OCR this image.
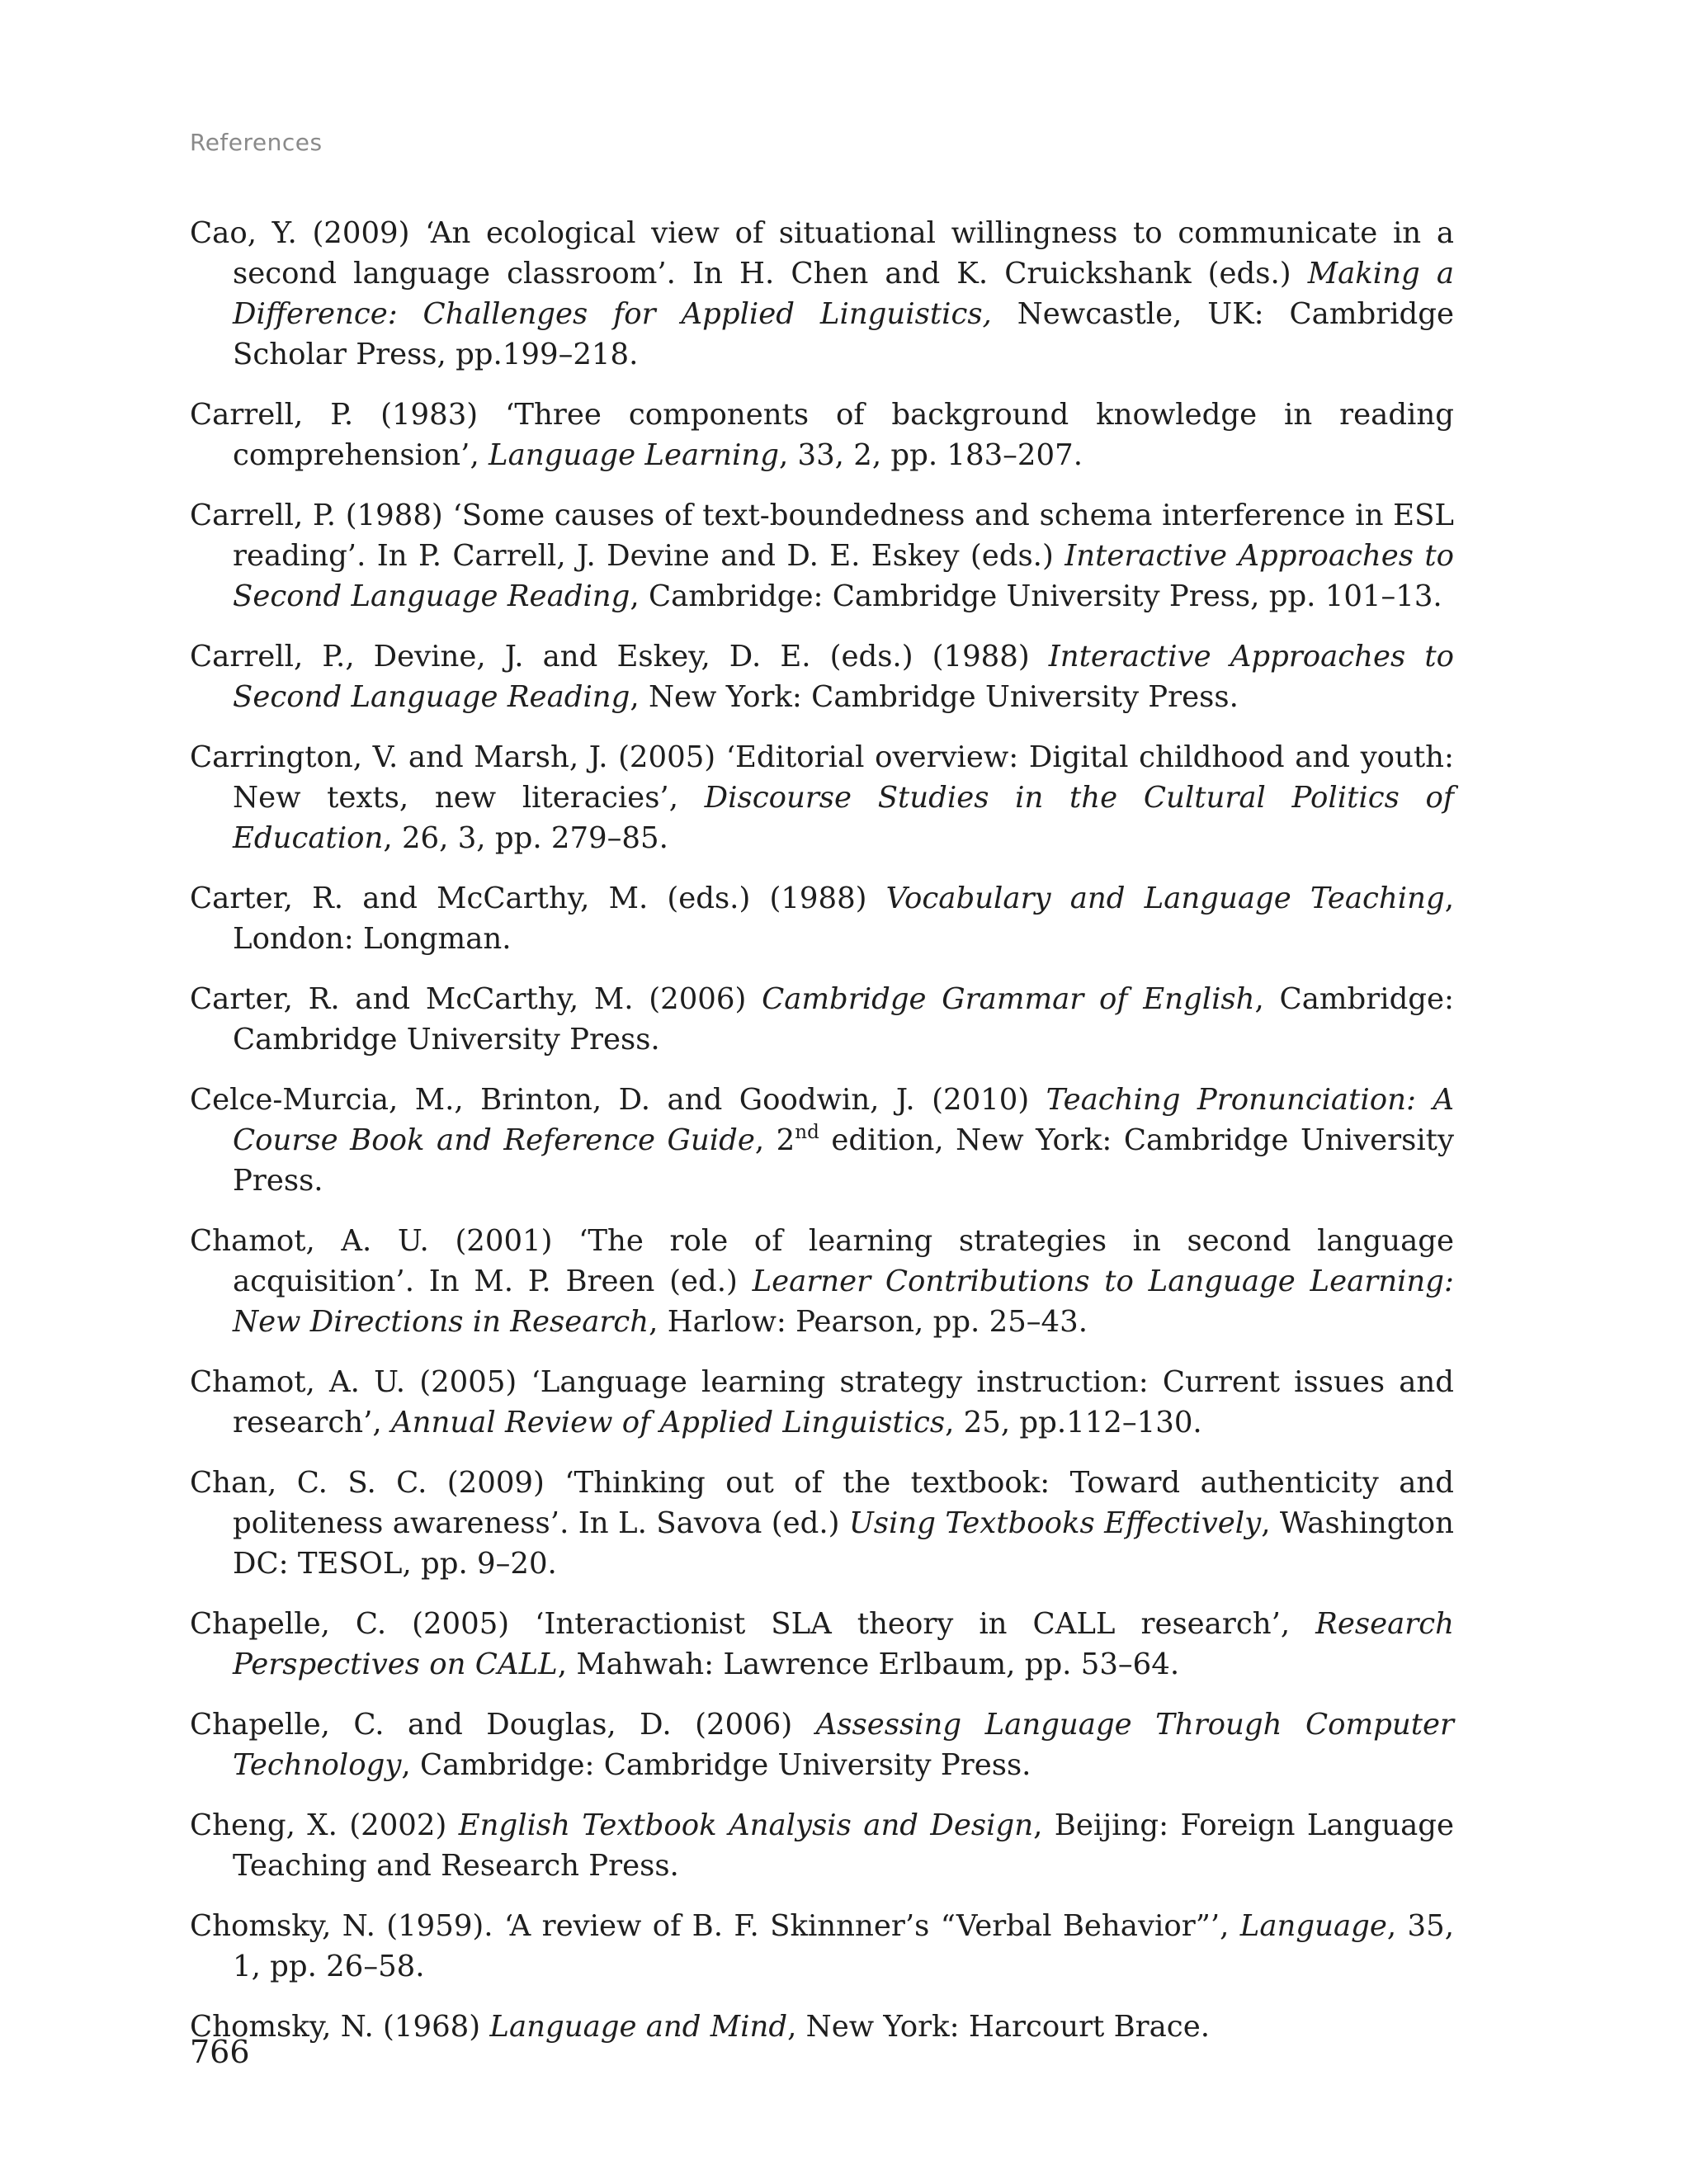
References
Cao, Y. (2009) ‘An ecological view of situational willingness to communicate in a second language classroom’. In H. Chen and K. Cruickshank (eds.) Making a Difference: Challenges for Applied Linguistics, Newcastle, UK: Cambridge Scholar Press, pp.199–218.
Carrell, P. (1983) ‘Three components of background knowledge in reading comprehension’, Language Learning, 33, 2, pp. 183–207.
Carrell, P. (1988) ‘Some causes of text-boundedness and schema interference in ESL reading’. In P. Carrell, J. Devine and D. E. Eskey (eds.) Interactive Approaches to Second Language Reading, Cambridge: Cambridge University Press, pp. 101–13.
Carrell, P., Devine, J. and Eskey, D. E. (eds.) (1988) Interactive Approaches to Second Language Reading, New York: Cambridge University Press.
Carrington, V. and Marsh, J. (2005) ‘Editorial overview: Digital childhood and youth: New texts, new literacies’, Discourse Studies in the Cultural Politics of Education, 26, 3, pp. 279–85.
Carter, R. and McCarthy, M. (eds.) (1988) Vocabulary and Language Teaching, London: Longman.
Carter, R. and McCarthy, M. (2006) Cambridge Grammar of English, Cambridge: Cambridge University Press.
Celce-Murcia, M., Brinton, D. and Goodwin, J. (2010) Teaching Pronunciation: A Course Book and Reference Guide, 2nd edition, New York: Cambridge University Press.
Chamot, A. U. (2001) ‘The role of learning strategies in second language acquisition’. In M. P. Breen (ed.) Learner Contributions to Language Learning: New Directions in Research, Harlow: Pearson, pp. 25–43.
Chamot, A. U. (2005) ‘Language learning strategy instruction: Current issues and research’, Annual Review of Applied Linguistics, 25, pp.112–130.
Chan, C. S. C. (2009) ‘Thinking out of the textbook: Toward authenticity and politeness awareness’. In L. Savova (ed.) Using Textbooks Effectively, Washington DC: TESOL, pp. 9–20.
Chapelle, C. (2005) ‘Interactionist SLA theory in CALL research’, Research Perspectives on CALL, Mahwah: Lawrence Erlbaum, pp. 53–64.
Chapelle, C. and Douglas, D. (2006) Assessing Language Through Computer Technology, Cambridge: Cambridge University Press.
Cheng, X. (2002) English Textbook Analysis and Design, Beijing: Foreign Language Teaching and Research Press.
Chomsky, N. (1959). ‘A review of B. F. Skinnner’s “Verbal Behavior”’, Language, 35, 1, pp. 26–58.
Chomsky, N. (1968) Language and Mind, New York: Harcourt Brace.
766
